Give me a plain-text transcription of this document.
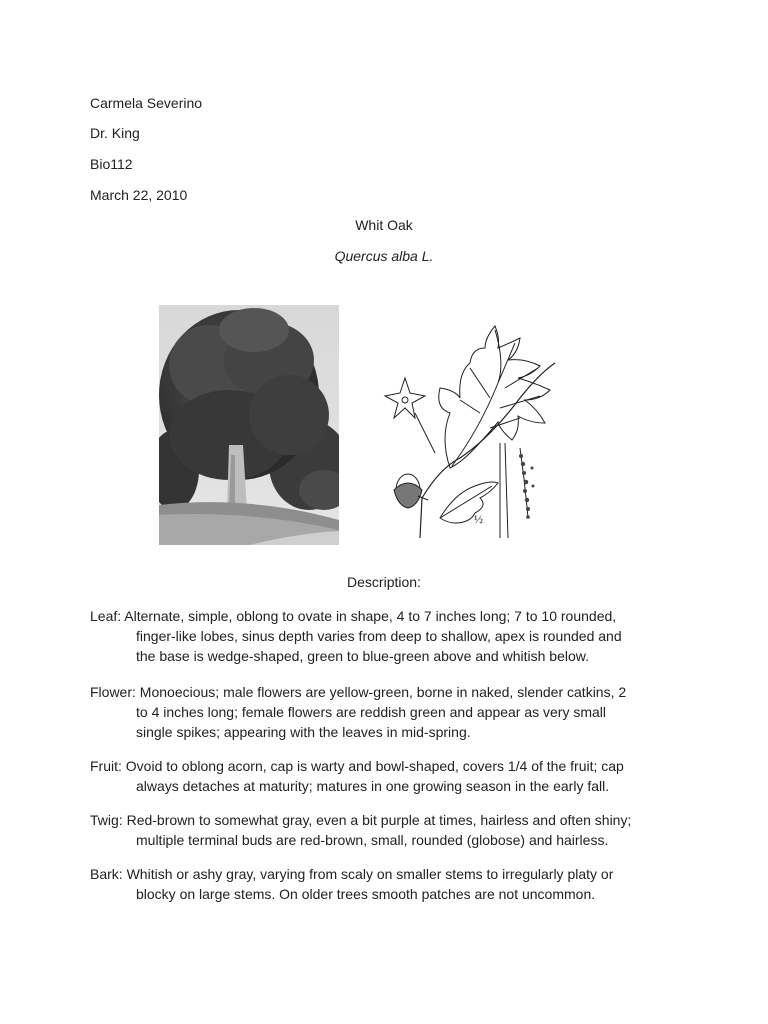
Carmela Severino
Dr. King
Bio112
March 22, 2010
Whit Oak
Quercus alba L.
½
Description:
Leaf: Alternate, simple, oblong to ovate in shape, 4 to 7 inches long; 7 to 10 rounded,
finger-like lobes, sinus depth varies from deep to shallow, apex is rounded and
the base is wedge-shaped, green to blue-green above and whitish below.
Flower: Monoecious; male flowers are yellow-green, borne in naked, slender catkins, 2
to 4 inches long; female flowers are reddish green and appear as very small
single spikes; appearing with the leaves in mid-spring.
Fruit: Ovoid to oblong acorn, cap is warty and bowl-shaped, covers 1/4 of the fruit; cap
always detaches at maturity; matures in one growing season in the early fall.
Twig: Red-brown to somewhat gray, even a bit purple at times, hairless and often shiny;
multiple terminal buds are red-brown, small, rounded (globose) and hairless.
Bark: Whitish or ashy gray, varying from scaly on smaller stems to irregularly platy or
blocky on large stems. On older trees smooth patches are not uncommon.
